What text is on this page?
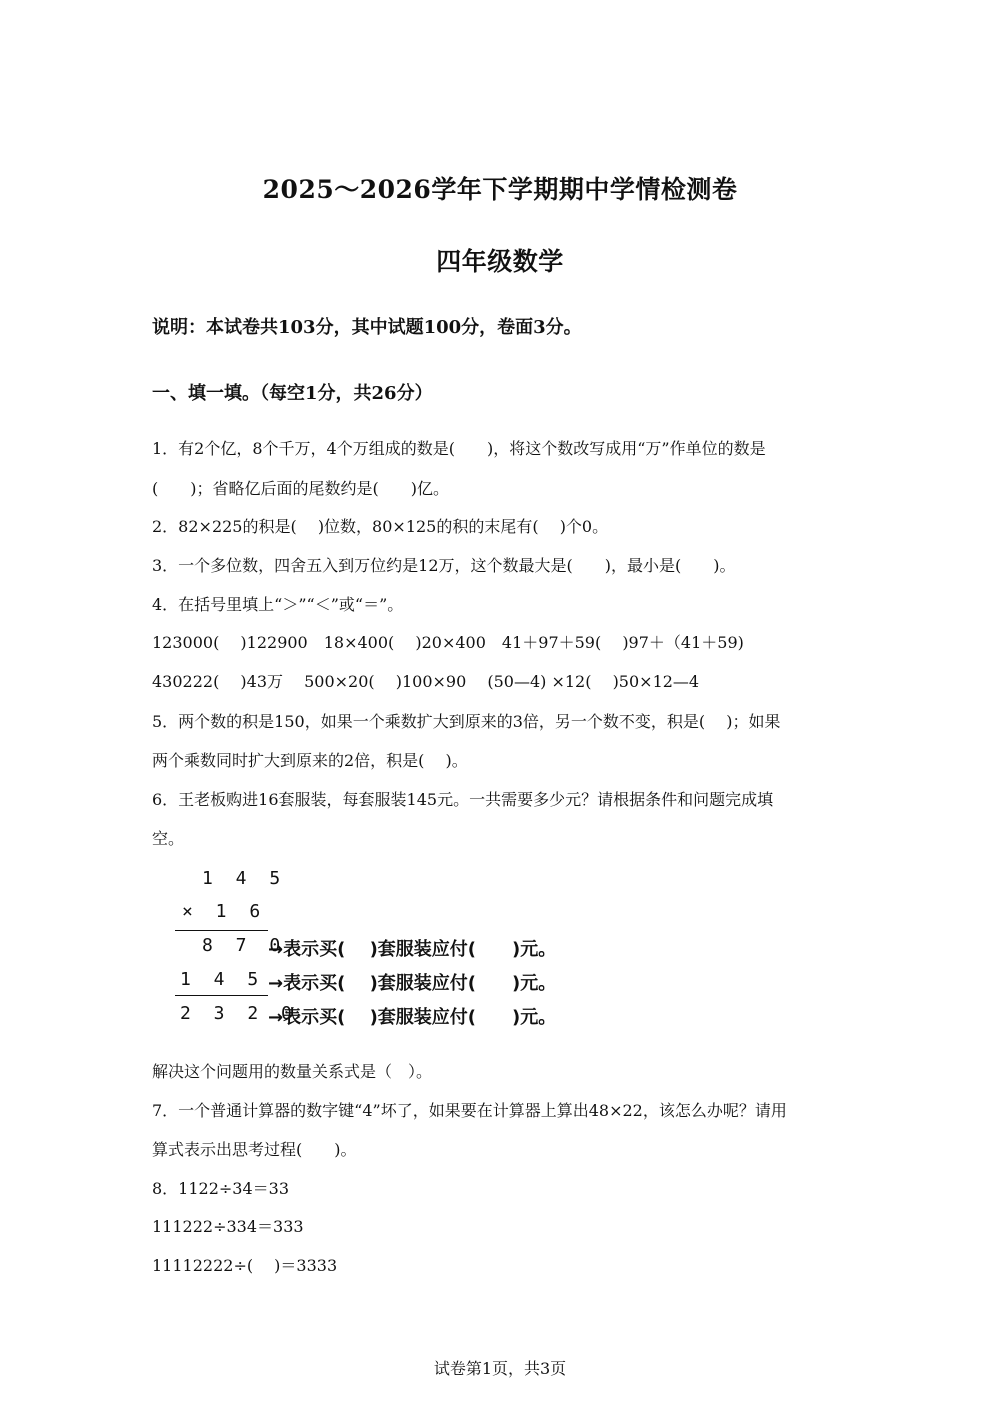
2025～2026学年下学期期中学情检测卷
四年级数学
说明：本试卷共103分，其中试题100分，卷面3分。
一、填一填。（每空1分，共26分）
1．有2个亿，8个千万，4个万组成的数是(　　)，将这个数改写成用“万”作单位的数是
(　　)；省略亿后面的尾数约是(　　)亿。
2．82×225的积是(　 )位数，80×125的积的末尾有(　 )个0。
3．一个多位数，四舍五入到万位约是12万，这个数最大是(　　)，最小是(　　)。
4．在括号里填上“＞”“＜”或“＝”。
123000(　 )122900　18×400(　 )20×400　41＋97＋59(　 )97＋（41＋59)
430222(　 )43万　 500×20(　 )100×90　 (50—4) ×12(　 )50×12—4
5．两个数的积是150，如果一个乘数扩大到原来的3倍，另一个数不变，积是(　 )；如果
两个乘数同时扩大到原来的2倍，积是(　 )。
6．王老板购进16套服装，每套服装145元。一共需要多少元？请根据条件和问题完成填
空。
1 4 5
× 1 6
8 7 0
1 4 5
2 3 2 0
→表示买(　 )套服装应付(　　)元。
→表示买(　 )套服装应付(　　)元。
→表示买(　 )套服装应付(　　)元。
解决这个问题用的数量关系式是（　）。
7．一个普通计算器的数字键“4”坏了，如果要在计算器上算出48×22，该怎么办呢？请用
算式表示出思考过程(　　)。
8．1122÷34＝33
111222÷334＝333
11112222÷(　 )＝3333
试卷第1页，共3页
